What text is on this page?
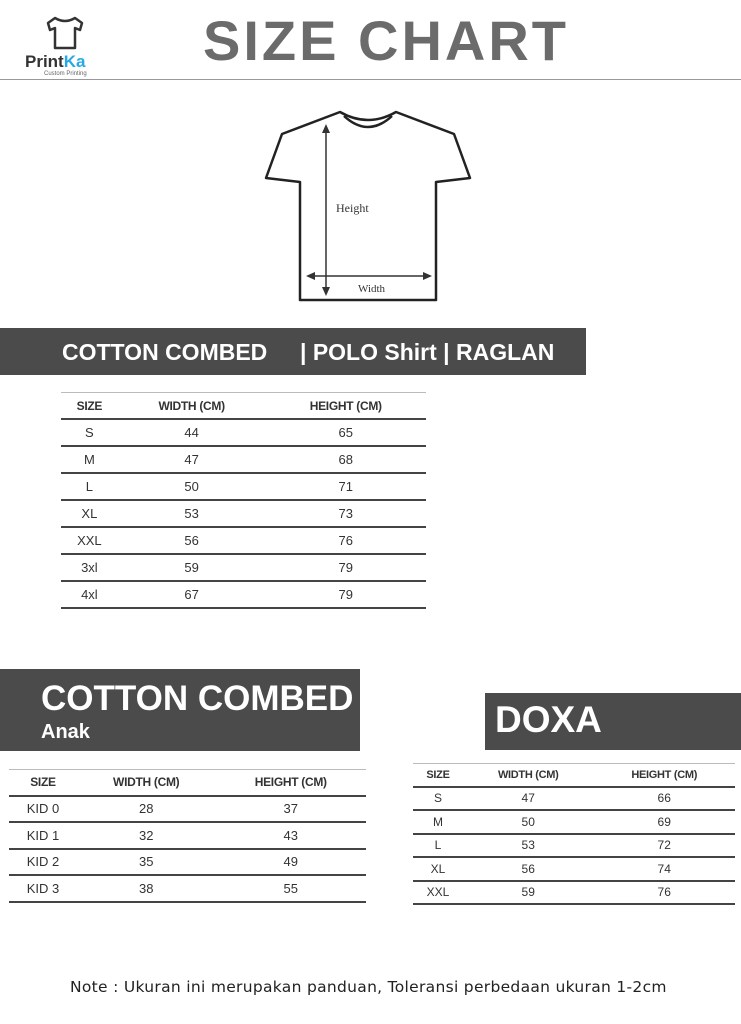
PrintKa
Custom Printing
SIZE CHART
Height
Width
COTTON COMBED | POLO Shirt | RAGLAN
SIZE	WIDTH (CM)	HEIGHT (CM)
S	44	65
M	47	68
L	50	71
XL	53	73
XXL	56	76
3xl	59	79
4xl	67	79
COTTON COMBED
Anak
SIZE	WIDTH (CM)	HEIGHT (CM)
KID 0	28	37
KID 1	32	43
KID 2	35	49
KID 3	38	55
DOXA
SIZE	WIDTH (CM)	HEIGHT (CM)
S	47	66
M	50	69
L	53	72
XL	56	74
XXL	59	76
Note : Ukuran ini merupakan panduan, Toleransi perbedaan ukuran 1-2cm
